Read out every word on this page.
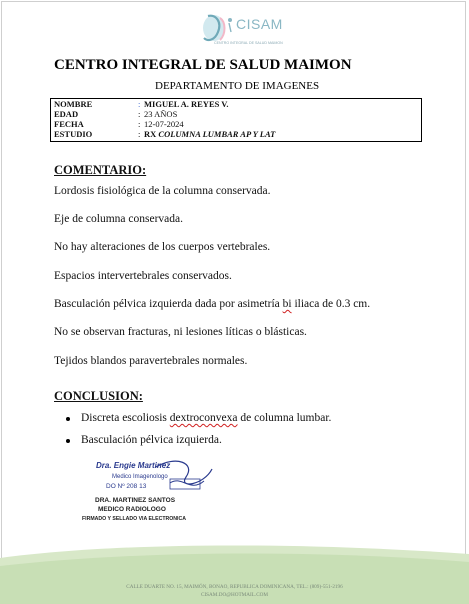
CISAM
CENTRO INTEGRAL DE SALUD MAIMON
CENTRO INTEGRAL DE SALUD MAIMON
DEPARTAMENTO DE IMAGENES
NOMBRE	: MIGUEL A. REYES V.
EDAD	: 23 AÑOS
FECHA	: 12-07-2024
ESTUDIO	: RX COLUMNA LUMBAR AP Y LAT
COMENTARIO:
Lordosis fisiológica de la columna conservada.
Eje de columna conservada.
No hay alteraciones de los cuerpos vertebrales.
Espacios intervertebrales conservados.
Basculación pélvica izquierda dada por asimetría bi iliaca de 0.3 cm.
No se observan fracturas, ni lesiones líticas o blásticas.
Tejidos blandos paravertebrales normales.
CONCLUSION:
Discreta escoliosis dextroconvexa de columna lumbar.
Basculación pélvica izquierda.
Dra. Engie Martinez
Medico Imagenologo
DO Nº 208 13
DRA. MARTINEZ SANTOS
MEDICO RADIOLOGO
FIRMADO Y SELLADO VIA ELECTRONICA
CALLE DUARTE NO. 15, MAIMÓN, BONAO, REPUBLICA DOMINICANA, TEL.: (809)-551-2196
CISAM.DO@HOTMAIL.COM
